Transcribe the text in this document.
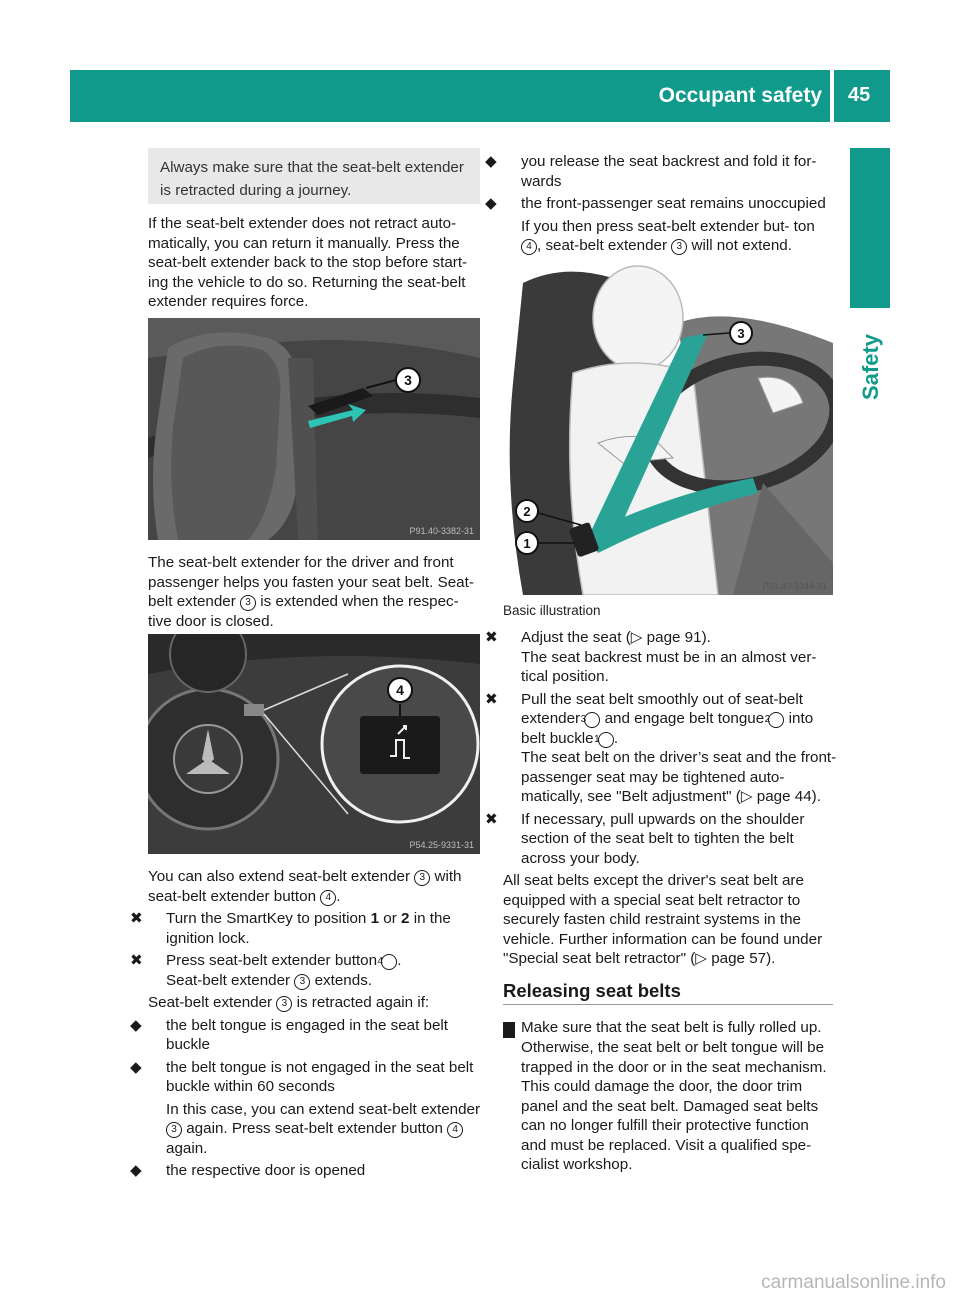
Occupant safety 45
Safety
Always make sure that the seat-belt extender is retracted during a journey.

If the seat-belt extender does not retract auto- matically, you can return it manually. Press the seat-belt extender back to the stop before start- ing the vehicle to do so. Returning the seat-belt extender requires force.

3
P91.40-3382-31

The seat-belt extender for the driver and front passenger helps you fasten your seat belt. Seat- belt extender 3 is extended when the respec- tive door is closed.

4
P54.25-9331-31

You can also extend seat-belt extender 3 with seat-belt extender button 4 .

✖ Turn the SmartKey to position 1 or 2 in the ignition lock.

✖ Press seat-belt extender button 4 .

Seat-belt extender 3 extends.

Seat-belt extender 3 is retracted again if:

◆ the belt tongue is engaged in the seat belt buckle

◆ the belt tongue is not engaged in the seat belt buckle within 60 seconds

In this case, you can extend seat-belt extender 3 again. Press seat-belt extender button 4 again.

◆ the respective door is opened

◆ you release the seat backrest and fold it for- wards

◆ the front-passenger seat remains unoccupied

If you then press seat-belt extender but- ton 4 , seat-belt extender 3 will not extend.

3
2
1
P91.40-3344-31
Basic illustration

✖ Adjust the seat (▷ page 91).

The seat backrest must be in an almost ver- tical position.

✖ Pull the seat belt smoothly out of seat-belt extender 3 and engage belt tongue 2 into belt buckle 1 .

The seat belt on the driver’s seat and the front-passenger seat may be tightened auto- matically, see "Belt adjustment" (▷ page 44).

✖ If necessary, pull upwards on the shoulder section of the seat belt to tighten the belt across your body.

All seat belts except the driver's seat belt are equipped with a special seat belt retractor to securely fasten child restraint systems in the vehicle. Further information can be found under "Special seat belt retractor" (▷ page 57).

Releasing seat belts

! Make sure that the seat belt is fully rolled up. Otherwise, the seat belt or belt tongue will be trapped in the door or in the seat mechanism. This could damage the door, the door trim panel and the seat belt. Damaged seat belts can no longer fulfill their protective function and must be replaced. Visit a qualified spe- cialist workshop.

carmanualsonline.info
